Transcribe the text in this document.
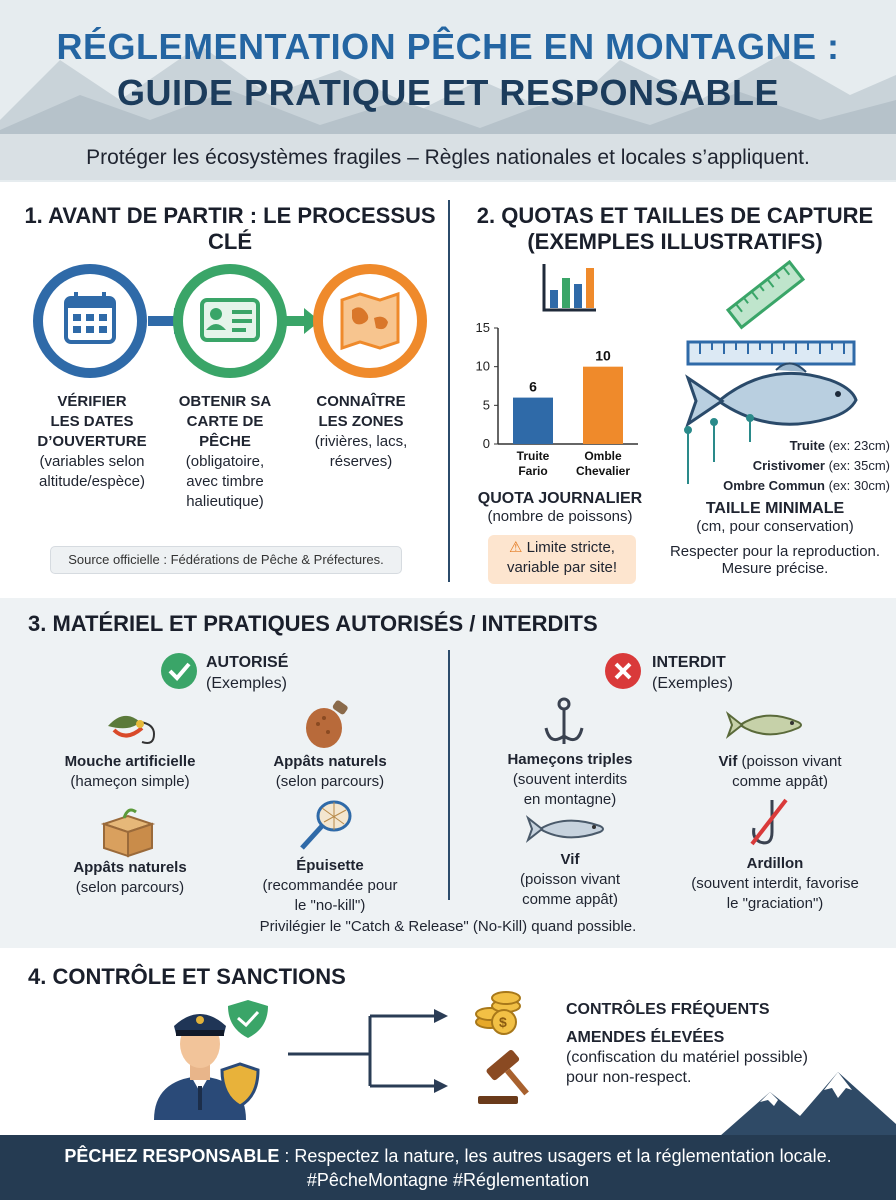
RÉGLEMENTATION PÊCHE EN MONTAGNE :
GUIDE PRATIQUE ET RESPONSABLE
Protéger les écosystèmes fragiles – Règles nationales et locales s’appliquent.
1. AVANT DE PARTIR : LE PROCESSUS
CLÉ
VÉRIFIER
LES DATES
D’OUVERTURE
(variables selon
altitude/espèce)
OBTENIR SA
CARTE DE
PÊCHE
(obligatoire,
avec timbre
halieutique)
CONNAÎTRE
LES ZONES
(rivières, lacs,
réserves)
Source officielle : Fédérations de Pêche & Préfectures.
2. QUOTAS ET TAILLES DE CAPTURE
(EXEMPLES ILLUSTRATIFS)
0
5
10
15
6
Truite
Fario
10
Omble
Chevalier
QUOTA JOURNALIER
(nombre de poissons)
⚠ Limite stricte,
variable par site!
Truite (ex: 23cm)
Cristivomer (ex: 35cm)
Ombre Commun (ex: 30cm)
TAILLE MINIMALE
(cm, pour conservation)
Respecter pour la reproduction.
Mesure précise.
3. MATÉRIEL ET PRATIQUES AUTORISÉS / INTERDITS
AUTORISÉ
(Exemples)
INTERDIT
(Exemples)
Mouche artificielle
(hameçon simple)
Appâts naturels
(selon parcours)
Appâts naturels
(selon parcours)
Épuisette
(recommandée pour
le "no-kill")
Hameçons triples
(souvent interdits
en montagne)
Vif (poisson vivant
comme appât)
Vif
(poisson vivant
comme appât)
Ardillon
(souvent interdit, favorise
le "graciation")
Privilégier le "Catch & Release" (No-Kill) quand possible.
4. CONTRÔLE ET SANCTIONS
$
CONTRÔLES FRÉQUENTS
AMENDES ÉLEVÉES
(confiscation du matériel possible)
pour non-respect.
PÊCHEZ RESPONSABLE : Respectez la nature, les autres usagers et la réglementation locale.
#PêcheMontagne #Réglementation
